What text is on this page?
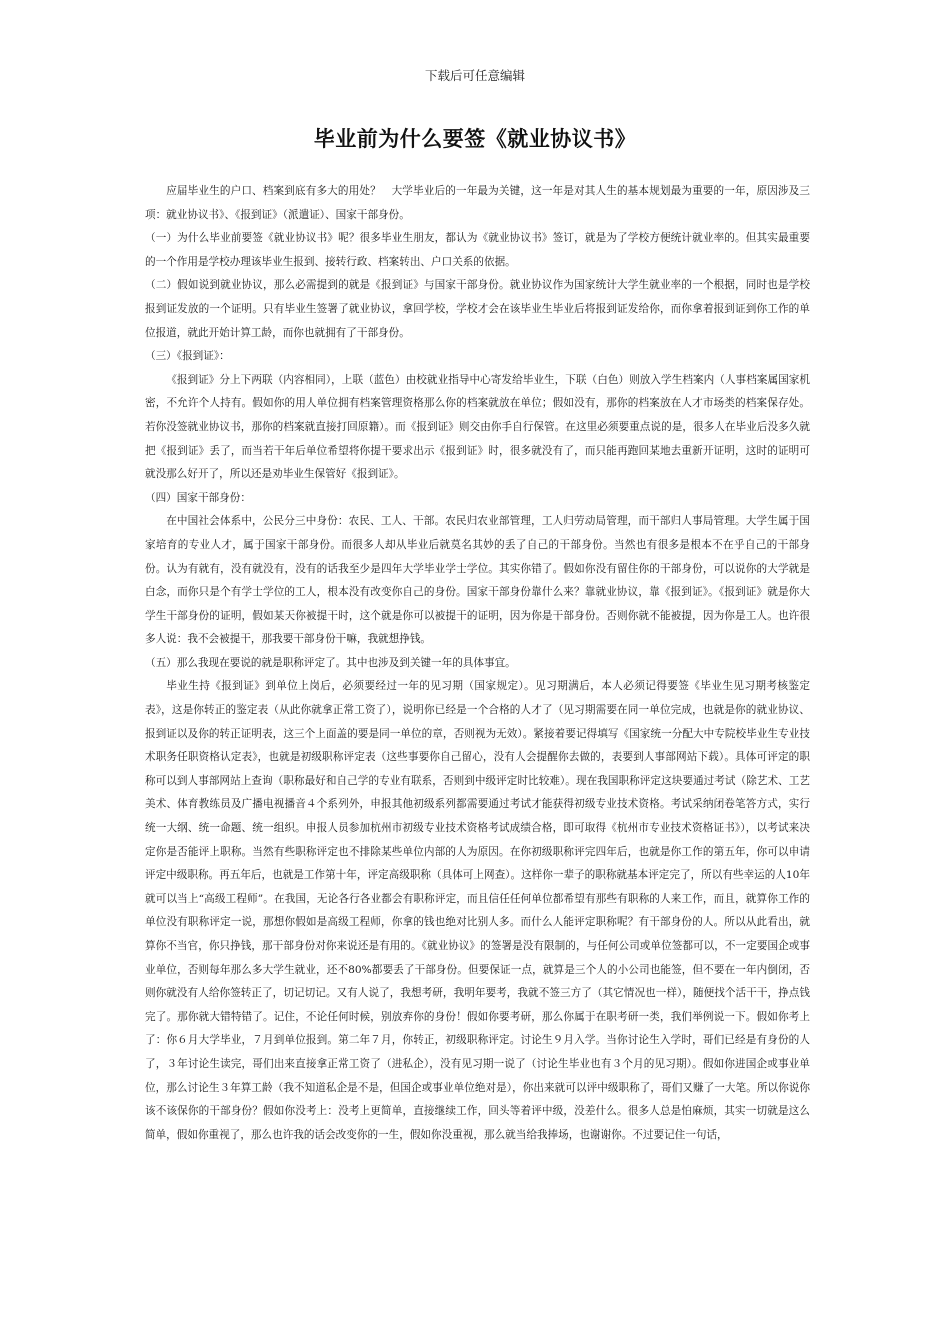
下载后可任意编辑
毕业前为什么要签《就业协议书》

应届毕业生的户口、档案到底有多大的用处？　大学毕业后的一年最为关键，这一年是对其人生的基本规划最为重要的一年，原因涉及三项：就业协议书》、《报到证》（派遣证）、国家干部身份。

（一）为什么毕业前要签《就业协议书》呢？很多毕业生朋友，都认为《就业协议书》签订，就是为了学校方便统计就业率的。但其实最重要的一个作用是学校办理该毕业生报到、接转行政、档案转出、户口关系的依据。

（二）假如说到就业协议，那么必需提到的就是《报到证》与国家干部身份。就业协议作为国家统计大学生就业率的一个根据，同时也是学校报到证发放的一个证明。只有毕业生签署了就业协议，拿回学校，学校才会在该毕业生毕业后将报到证发给你，而你拿着报到证到你工作的单位报道，就此开始计算工龄，而你也就拥有了干部身份。

（三）《报到证》：

《报到证》分上下两联（内容相同），上联（蓝色）由校就业指导中心寄发给毕业生，下联（白色）则放入学生档案内（人事档案属国家机密，不允许个人持有。假如你的用人单位拥有档案管理资格那么你的档案就放在单位；假如没有，那你的档案放在人才市场类的档案保存处。若你没签就业协议书，那你的档案就直接打回原籍）。而《报到证》则交由你手自行保管。在这里必须要重点说的是，很多人在毕业后没多久就把《报到证》丢了，而当若干年后单位希望将你提干要求出示《报到证》时，很多就没有了，而只能再跑回某地去重新开证明，这时的证明可就没那么好开了，所以还是劝毕业生保管好《报到证》。

（四）国家干部身份：

在中国社会体系中，公民分三中身份：农民、工人、干部。农民归农业部管理，工人归劳动局管理，而干部归人事局管理。大学生属于国家培育的专业人才，属于国家干部身份。而很多人却从毕业后就莫名其妙的丢了自己的干部身份。当然也有很多是根本不在乎自己的干部身份。认为有就有，没有就没有，没有的话我至少是四年大学毕业学士学位。其实你错了。假如你没有留住你的干部身份，可以说你的大学就是白念，而你只是个有学士学位的工人，根本没有改变你自己的身份。国家干部身份靠什么来？靠就业协议，靠《报到证》。《报到证》就是你大学生干部身份的证明，假如某天你被提干时，这个就是你可以被提干的证明，因为你是干部身份。否则你就不能被提，因为你是工人。也许很多人说：我不会被提干，那我要干部身份干嘛，我就想挣钱。

（五）那么我现在要说的就是职称评定了。其中也涉及到关键一年的具体事宜。

毕业生持《报到证》到单位上岗后，必须要经过一年的见习期（国家规定）。见习期满后，本人必须记得要签《毕业生见习期考核鉴定表》，这是你转正的鉴定表（从此你就拿正常工资了），说明你已经是一个合格的人才了（见习期需要在同一单位完成，也就是你的就业协议、报到证以及你的转正证明表，这三个上面盖的要是同一单位的章，否则视为无效）。紧接着要记得填写《国家统一分配大中专院校毕业生专业技术职务任职资格认定表》，也就是初级职称评定表（这些事要你自己留心，没有人会提醒你去做的，表要到人事部网站下载）。具体可评定的职称可以到人事部网站上查询（职称最好和自己学的专业有联系，否则到中级评定时比较难）。现在我国职称评定这块要通过考试（除艺术、工艺美术、体育教练员及广播电视播音４个系列外，申报其他初级系列都需要通过考试才能获得初级专业技术资格。考试采纳闭卷笔答方式，实行统一大纲、统一命题、统一组织。申报人员参加杭州市初级专业技术资格考试成绩合格，即可取得《杭州市专业技术资格证书》），以考试来决定你是否能评上职称。当然有些职称评定也不排除某些单位内部的人为原因。在你初级职称评完四年后，也就是你工作的第五年，你可以申请评定中级职称。再五年后，也就是工作第十年，评定高级职称（具体可上网查）。这样你一辈子的职称就基本评定完了，所以有些幸运的人10年就可以当上“高级工程师”。在我国，无论各行各业都会有职称评定，而且信任任何单位都希望有那些有职称的人来工作，而且，就算你工作的单位没有职称评定一说，那想你假如是高级工程师，你拿的钱也绝对比别人多。而什么人能评定职称呢？有干部身份的人。所以从此看出，就算你不当官，你只挣钱，那干部身份对你来说还是有用的。《就业协议》的签署是没有限制的，与任何公司或单位签都可以，不一定要国企或事业单位，否则每年那么多大学生就业，还不80%都要丢了干部身份。但要保证一点，就算是三个人的小公司也能签，但不要在一年内倒闭，否则你就没有人给你签转正了，切记切记。又有人说了，我想考研，我明年要考，我就不签三方了（其它情况也一样），随便找个活干干，挣点钱完了。那你就大错特错了。记住，不论任何时候，别放弃你的身份！假如你要考研，那么你属于在职考研一类，我们举例说一下。假如你考上了：你６月大学毕业，７月到单位报到。第二年７月，你转正，初级职称评定。讨论生９月入学。当你讨论生入学时，哥们已经是有身份的人了，３年讨论生读完，哥们出来直接拿正常工资了（进私企），没有见习期一说了（讨论生毕业也有３个月的见习期）。假如你进国企或事业单位，那么讨论生３年算工龄（我不知道私企是不是，但国企或事业单位绝对是），你出来就可以评中级职称了，哥们又赚了一大笔。所以你说你该不该保你的干部身份？假如你没考上：没考上更简单，直接继续工作，回头等着评中级，没差什么。很多人总是怕麻烦，其实一切就是这么简单，假如你重视了，那么也许我的话会改变你的一生，假如你没重视，那么就当给我捧场，也谢谢你。不过要记住一句话，
